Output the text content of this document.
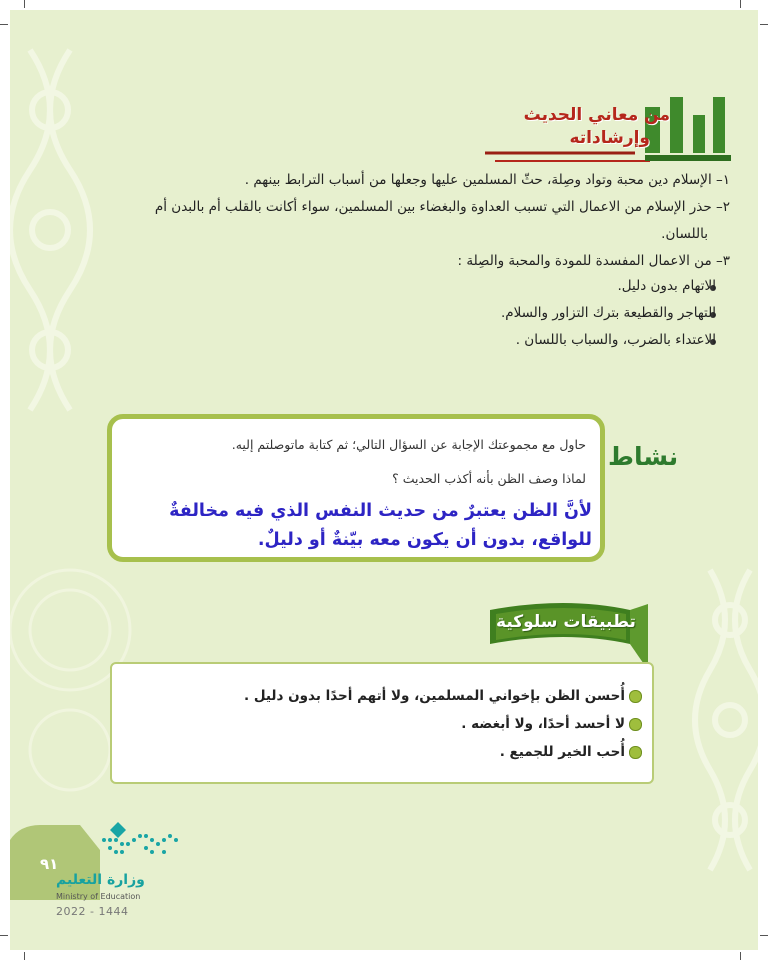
من معاني الحديث
وإرشاداته
١– الإسلام دين محبة وتواد وصِلة، حثّ المسلمين عليها وجعلها من أسباب الترابط بينهم .
٢– حذر الإسلام من الاعمال التي تسبب العداوة والبغضاء بين المسلمين، سواء أكانت بالقلب أم بالبدن أم
باللسان.
٣– من الاعمال المفسدة للمودة والمحبة والصِلة :
الاتهام بدون دليل.
التهاجر والقطيعة بترك التزاور والسلام.
الاعتداء بالضرب، والسباب باللسان .
نشاط
حاول مع مجموعتك الإجابة عن السؤال التالي؛ ثم كتابة ماتوصلتم إليه.
لماذا وصف الظن بأنه أكذب الحديث ؟
لأنَّ الظن يعتبرٌ من حديث النفس الذي فيه مخالفةٌ للواقع، بدون أن يكون معه بيّنةٌ أو دليلٌ.
تطبيقات سلوكية
أُحسن الظن بإخواني المسلمين، ولا أتهم أحدًا بدون دليل .
لا أحسد أحدًا، ولا أبغضه .
أُحب الخير للجميع .
٩١
وزارة التعليم
Ministry of Education
2022 - 1444
